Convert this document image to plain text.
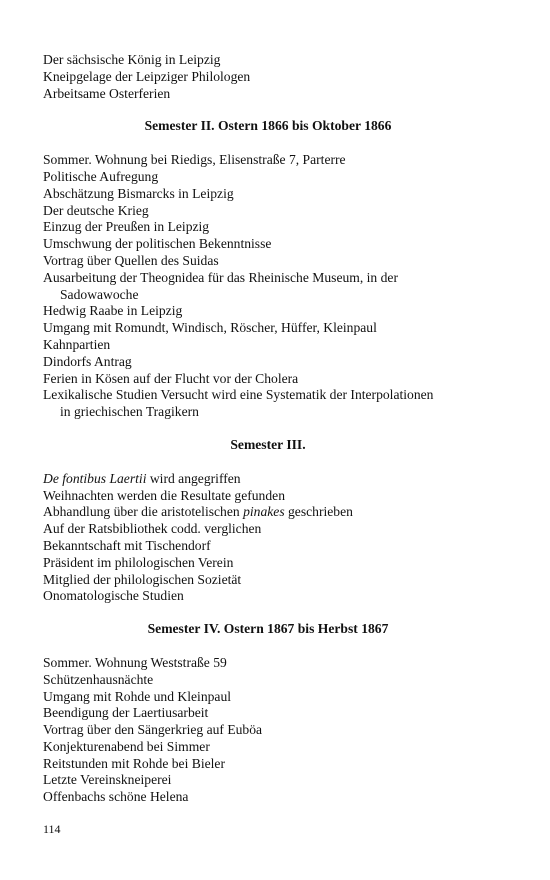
Der sächsische König in Leipzig
Kneipgelage der Leipziger Philologen
Arbeitsame Osterferien
Semester II. Ostern 1866 bis Oktober 1866
Sommer. Wohnung bei Riedigs, Elisenstraße 7, Parterre
Politische Aufregung
Abschätzung Bismarcks in Leipzig
Der deutsche Krieg
Einzug der Preußen in Leipzig
Umschwung der politischen Bekenntnisse
Vortrag über Quellen des Suidas
Ausarbeitung der Theognidea für das Rheinische Museum, in der
Sadowawoche
Hedwig Raabe in Leipzig
Umgang mit Romundt, Windisch, Röscher, Hüffer, Kleinpaul
Kahnpartien
Dindorfs Antrag
Ferien in Kösen auf der Flucht vor der Cholera
Lexikalische Studien Versucht wird eine Systematik der Interpolationen
in griechischen Tragikern
Semester III.
De fontibus Laertii wird angegriffen
Weihnachten werden die Resultate gefunden
Abhandlung über die aristotelischen pinakes geschrieben
Auf der Ratsbibliothek codd. verglichen
Bekanntschaft mit Tischendorf
Präsident im philologischen Verein
Mitglied der philologischen Sozietät
Onomatologische Studien
Semester IV. Ostern 1867 bis Herbst 1867
Sommer. Wohnung Weststraße 59
Schützenhausnächte
Umgang mit Rohde und Kleinpaul
Beendigung der Laertiusarbeit
Vortrag über den Sängerkrieg auf Euböa
Konjekturenabend bei Simmer
Reitstunden mit Rohde bei Bieler
Letzte Vereinskneiperei
Offenbachs schöne Helena
114
